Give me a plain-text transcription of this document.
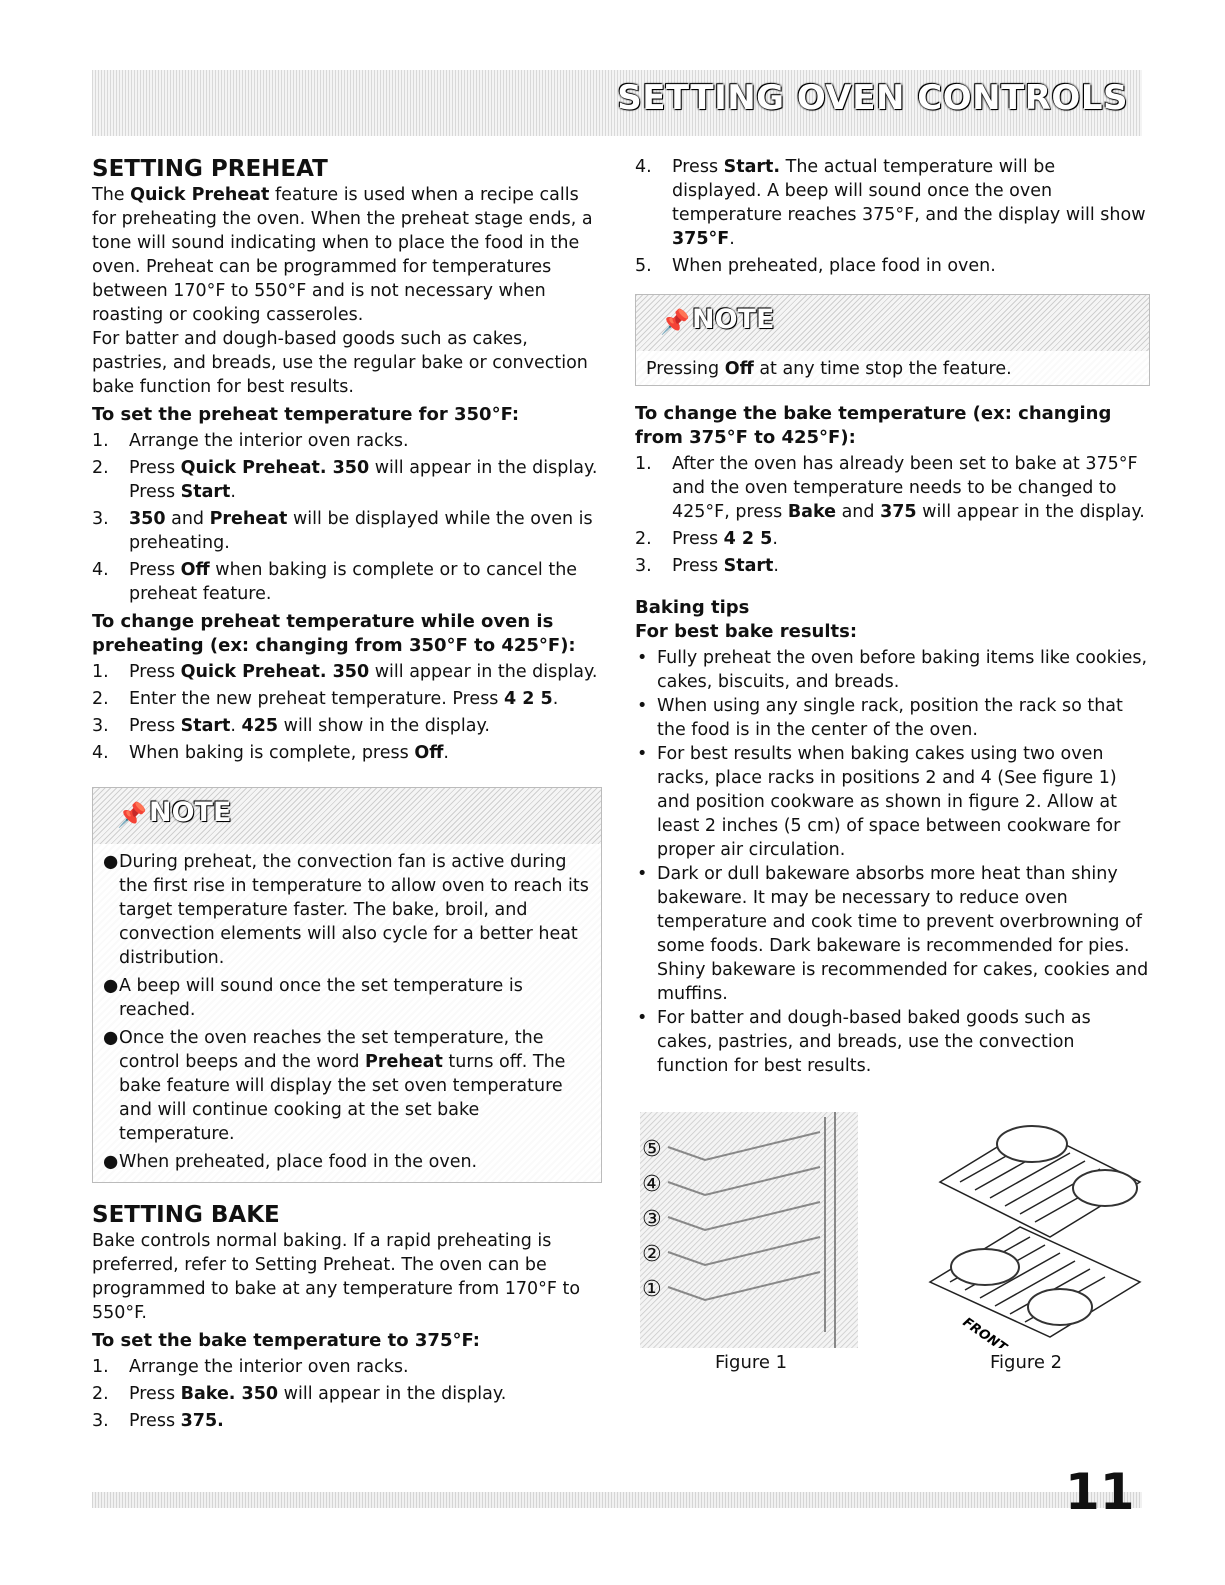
SETTING OVEN CONTROLS
SETTING PREHEAT

The Quick Preheat feature is used when a recipe calls for preheating the oven. When the preheat stage ends, a tone will sound indicating when to place the food in the oven. Preheat can be programmed for temperatures between 170°F to 550°F and is not necessary when roasting or cooking casseroles.

For batter and dough-based goods such as cakes, pastries, and breads, use the regular bake or convection bake function for best results.

To set the preheat temperature for 350°F:
1. Arrange the interior oven racks.
2. Press Quick Preheat. 350 will appear in the display. Press Start.
3. 350 and Preheat will be displayed while the oven is preheating.
4. Press Off when baking is complete or to cancel the preheat feature.
To change preheat temperature while oven is preheating (ex: changing from 350°F to 425°F):
1. Press Quick Preheat. 350 will appear in the display.
2. Enter the new preheat temperature. Press 4 2 5.
3. Press Start. 425 will show in the display.
4. When baking is complete, press Off.
📌 NOTE
● During preheat, the convection fan is active during the first rise in temperature to allow oven to reach its target temperature faster. The bake, broil, and convection elements will also cycle for a better heat distribution.
● A beep will sound once the set temperature is reached.
● Once the oven reaches the set temperature, the control beeps and the word Preheat turns off. The bake feature will display the set oven temperature and will continue cooking at the set bake temperature.
● When preheated, place food in the oven.
SETTING BAKE

Bake controls normal baking. If a rapid preheating is preferred, refer to Setting Preheat. The oven can be programmed to bake at any temperature from 170°F to 550°F.

To set the bake temperature to 375°F:
1. Arrange the interior oven racks.
2. Press Bake. 350 will appear in the display.
3. Press 375.
4. Press Start. The actual temperature will be displayed. A beep will sound once the oven temperature reaches 375°F, and the display will show 375°F.
5. When preheated, place food in oven.
📌 NOTE
Pressing Off at any time stop the feature.
To change the bake temperature (ex: changing from 375°F to 425°F):
1. After the oven has already been set to bake at 375°F and the oven temperature needs to be changed to 425°F, press Bake and 375 will appear in the display.
2. Press 4 2 5.
3. Press Start.
Baking tips
For best bake results:
• Fully preheat the oven before baking items like cookies, cakes, biscuits, and breads.
• When using any single rack, position the rack so that the food is in the center of the oven.
• For best results when baking cakes using two oven racks, place racks in positions 2 and 4 (See figure 1) and position cookware as shown in figure 2. Allow at least 2 inches (5 cm) of space between cookware for proper air circulation.
• Dark or dull bakeware absorbs more heat than shiny bakeware. It may be necessary to reduce oven temperature and cook time to prevent overbrowning of some foods. Dark bakeware is recommended for pies. Shiny bakeware is recommended for cakes, cookies and muffins.
• For batter and dough-based baked goods such as cakes, pastries, and breads, use the convection function for best results.
⑤
④
③
②
①
FRONT
Figure 1	Figure 2
11
